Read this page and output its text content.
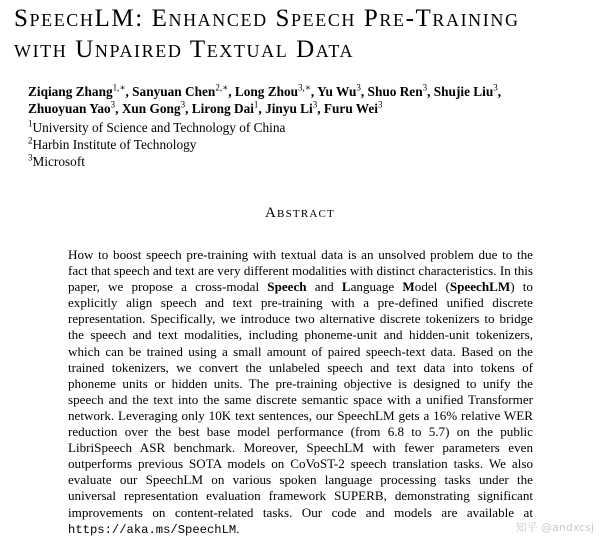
SpeechLM: Enhanced Speech Pre-Training
with Unpaired Textual Data
Ziqiang Zhang$^{1,∗}$, Sanyuan Chen$^{2,∗}$, Long Zhou$^{3,∗}$, Yu Wu$^3$, Shuo Ren$^3$, Shujie Liu$^3$,
Zhuoyuan Yao$^3$, Xun Gong$^3$, Lirong Dai$^1$, Jinyu Li$^3$, Furu Wei$^3$
$^1$University of Science and Technology of China
$^2$Harbin Institute of Technology
$^3$Microsoft
Abstract
How to boost speech pre-training with textual data is an unsolved problem due to the fact that speech and text are very different modalities with distinct characteristics. In this paper, we propose a cross-modal Speech and Language Model (SpeechLM) to explicitly align speech and text pre-training with a pre-defined unified discrete representation. Specifically, we introduce two alternative discrete tokenizers to bridge the speech and text modalities, including phoneme-unit and hidden-unit tokenizers, which can be trained using a small amount of paired speech-text data. Based on the trained tokenizers, we convert the unlabeled speech and text data into tokens of phoneme units or hidden units. The pre-training objective is designed to unify the speech and the text into the same discrete semantic space with a unified Transformer network. Leveraging only 10K text sentences, our SpeechLM gets a 16% relative WER reduction over the best base model performance (from 6.8 to 5.7) on the public LibriSpeech ASR benchmark. Moreover, SpeechLM with fewer parameters even outperforms previous SOTA models on CoVoST-2 speech translation tasks. We also evaluate our SpeechLM on various spoken language processing tasks under the universal representation evaluation framework SUPERB, demonstrating significant improvements on content-related tasks. Our code and models are available at https://aka.ms/SpeechLM.	知乎 @andxcsj
